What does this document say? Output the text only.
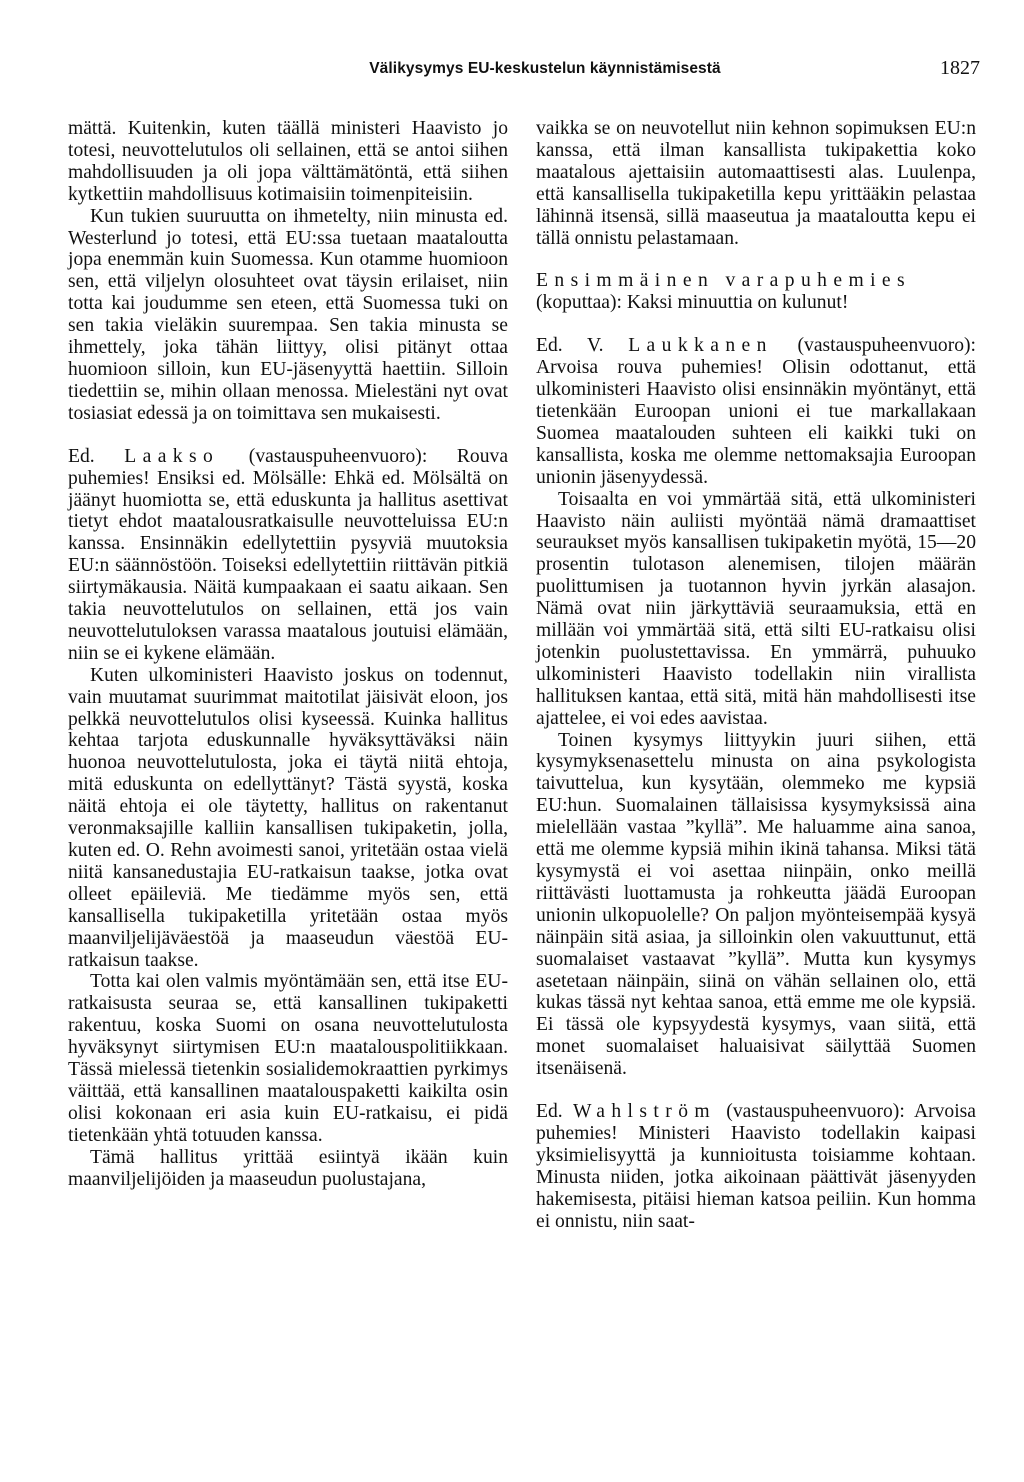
Välikysymys EU-keskustelun käynnistämisestä	1827

mättä. Kuitenkin, kuten täällä ministeri Haavisto jo totesi, neuvottelutulos oli sellainen, että se antoi siihen mahdollisuuden ja oli jopa välttämätöntä, että siihen kytkettiin mahdollisuus kotimaisiin toimenpiteisiin.

Kun tukien suuruutta on ihmetelty, niin minusta ed. Westerlund jo totesi, että EU:ssa tuetaan maataloutta jopa enemmän kuin Suomessa. Kun otamme huomioon sen, että viljelyn olosuhteet ovat täysin erilaiset, niin totta kai joudumme sen eteen, että Suomessa tuki on sen takia vieläkin suurempaa. Sen takia minusta se ihmettely, joka tähän liittyy, olisi pitänyt ottaa huomioon silloin, kun EU-jäsenyyttä haettiin. Silloin tiedettiin se, mihin ollaan menossa. Mielestäni nyt ovat tosiasiat edessä ja on toimittava sen mukaisesti.

Ed. Laakso (vastauspuheenvuoro): Rouva puhemies! Ensiksi ed. Mölsälle: Ehkä ed. Mölsältä on jäänyt huomiotta se, että eduskunta ja hallitus asettivat tietyt ehdot maatalousratkaisulle neuvotteluissa EU:n kanssa. Ensinnäkin edellytettiin pysyviä muutoksia EU:n säännöstöön. Toiseksi edellytettiin riittävän pitkiä siirtymäkausia. Näitä kumpaakaan ei saatu aikaan. Sen takia neuvottelutulos on sellainen, että jos vain neuvottelutuloksen varassa maatalous joutuisi elämään, niin se ei kykene elämään.

Kuten ulkoministeri Haavisto joskus on todennut, vain muutamat suurimmat maitotilat jäisivät eloon, jos pelkkä neuvottelutulos olisi kyseessä. Kuinka hallitus kehtaa tarjota eduskunnalle hyväksyttäväksi näin huonoa neuvottelutulosta, joka ei täytä niitä ehtoja, mitä eduskunta on edellyttänyt? Tästä syystä, koska näitä ehtoja ei ole täytetty, hallitus on rakentanut veronmaksajille kalliin kansallisen tukipaketin, jolla, kuten ed. O. Rehn avoimesti sanoi, yritetään ostaa vielä niitä kansanedustajia EU-ratkaisun taakse, jotka ovat olleet epäileviä. Me tiedämme myös sen, että kansallisella tukipaketilla yritetään ostaa myös maanviljelijäväestöä ja maaseudun väestöä EU-ratkaisun taakse.

Totta kai olen valmis myöntämään sen, että itse EU-ratkaisusta seuraa se, että kansallinen tukipaketti rakentuu, koska Suomi on osana neuvottelutulosta hyväksynyt siirtymisen EU:n maatalouspolitiikkaan. Tässä mielessä tietenkin sosialidemokraattien pyrkimys väittää, että kansallinen maatalouspaketti kaikilta osin olisi kokonaan eri asia kuin EU-ratkaisu, ei pidä tietenkään yhtä totuuden kanssa.

Tämä hallitus yrittää esiintyä ikään kuin maanviljelijöiden ja maaseudun puolustajana,

vaikka se on neuvotellut niin kehnon sopimuksen EU:n kanssa, että ilman kansallista tukipakettia koko maatalous ajettaisiin automaattisesti alas. Luulenpa, että kansallisella tukipaketilla kepu yrittääkin pelastaa lähinnä itsensä, sillä maaseutua ja maataloutta kepu ei tällä onnistu pelastamaan.

Ensimmäinen varapuhemies
(koputtaa): Kaksi minuuttia on kulunut!

Ed. V. Laukkanen (vastauspuheenvuoro): Arvoisa rouva puhemies! Olisin odottanut, että ulkoministeri Haavisto olisi ensinnäkin myöntänyt, että tietenkään Euroopan unioni ei tue markallakaan Suomea maatalouden suhteen eli kaikki tuki on kansallista, koska me olemme nettomaksajia Euroopan unionin jäsenyydessä.

Toisaalta en voi ymmärtää sitä, että ulkoministeri Haavisto näin auliisti myöntää nämä dramaattiset seuraukset myös kansallisen tukipaketin myötä, 15—20 prosentin tulotason alenemisen, tilojen määrän puolittumisen ja tuotannon hyvin jyrkän alasajon. Nämä ovat niin järkyttäviä seuraamuksia, että en millään voi ymmärtää sitä, että silti EU-ratkaisu olisi jotenkin puolustettavissa. En ymmärrä, puhuuko ulkoministeri Haavisto todellakin niin virallista hallituksen kantaa, että sitä, mitä hän mahdollisesti itse ajattelee, ei voi edes aavistaa.

Toinen kysymys liittyykin juuri siihen, että kysymyksenasettelu minusta on aina psykologista taivuttelua, kun kysytään, olemmeko me kypsiä EU:hun. Suomalainen tällaisissa kysymyksissä aina mielellään vastaa ”kyllä”. Me haluamme aina sanoa, että me olemme kypsiä mihin ikinä tahansa. Miksi tätä kysymystä ei voi asettaa niinpäin, onko meillä riittävästi luottamusta ja rohkeutta jäädä Euroopan unionin ulkopuolelle? On paljon myönteisempää kysyä näinpäin sitä asiaa, ja silloinkin olen vakuuttunut, että suomalaiset vastaavat ”kyllä”. Mutta kun kysymys asetetaan näinpäin, siinä on vähän sellainen olo, että kukas tässä nyt kehtaa sanoa, että emme me ole kypsiä. Ei tässä ole kypsyydestä kysymys, vaan siitä, että monet suomalaiset haluaisivat säilyttää Suomen itsenäisenä.

Ed. Wahlström (vastauspuheenvuoro): Arvoisa puhemies! Ministeri Haavisto todellakin kaipasi yksimielisyyttä ja kunnioitusta toisiamme kohtaan. Minusta niiden, jotka aikoinaan päättivät jäsenyyden hakemisesta, pitäisi hieman katsoa peiliin. Kun homma ei onnistu, niin saat-
